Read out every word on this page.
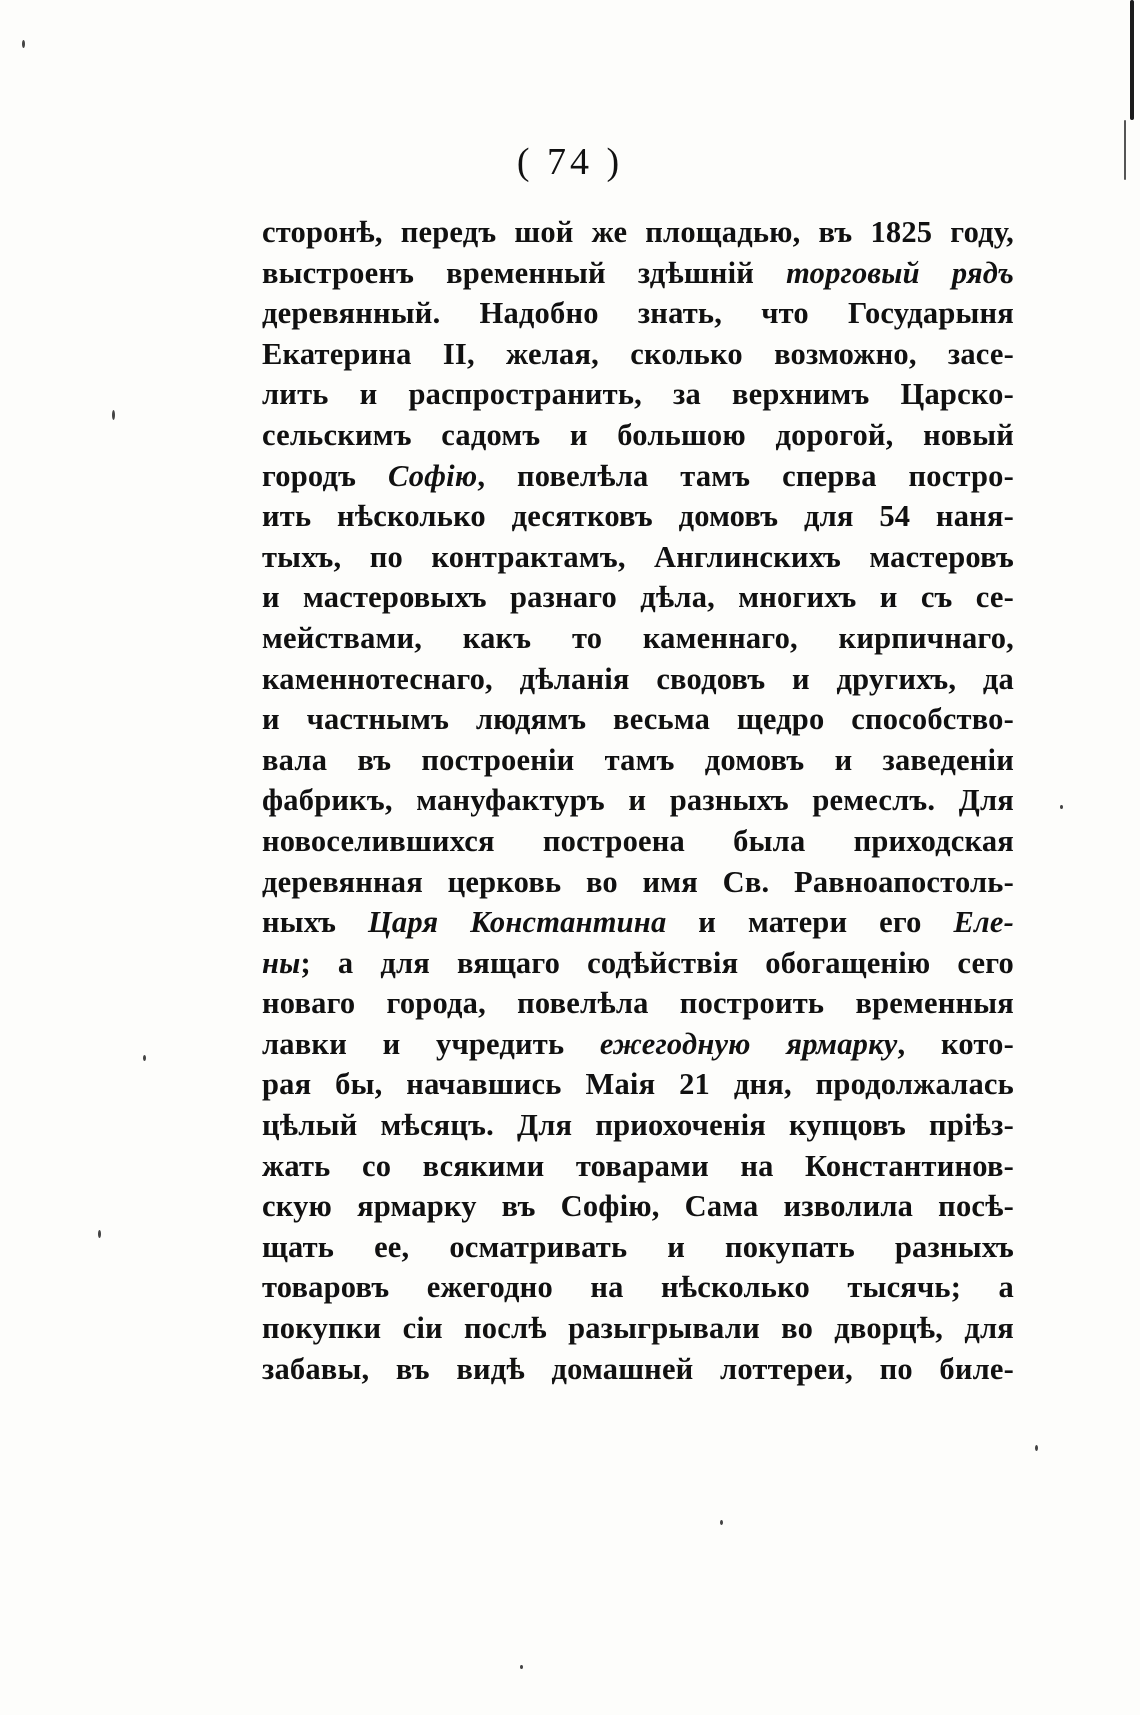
( 74 )
сторонѣ, передъ шой же площадью, въ 1825 году,
выстроенъ временный здѣшній торговый рядъ
деревянный. Надобно знать, что Государыня
Екатерина II, желая, сколько возможно, засе-
лить и распространить, за верхнимъ Царско-
сельскимъ садомъ и большою дорогой, новый
городъ Софію, повелѣла тамъ сперва постро-
ить нѣсколько десятковъ домовъ для 54 наня-
тыхъ, по контрактамъ, Англинскихъ мастеровъ
и мастеровыхъ разнаго дѣла, многихъ и съ се-
мействами, какъ то каменнаго, кирпичнаго,
каменнотеснаго, дѣланія сводовъ и другихъ, да
и частнымъ людямъ весьма щедро способство-
вала въ построеніи тамъ домовъ и заведеніи
фабрикъ, мануфактуръ и разныхъ ремеслъ. Для
новоселившихся построена была приходская
деревянная церковь во имя Св. Равноапостоль-
ныхъ Царя Константина и матери его Еле-
ны; а для вящаго содѣйствія обогащенію сего
новаго города, повелѣла построить временныя
лавки и учредить ежегодную ярмарку, кото-
рая бы, начавшись Маія 21 дня, продолжалась
цѣлый мѣсяцъ. Для приохоченія купцовъ пріѣз-
жать со всякими товарами на Константинов-
скую ярмарку въ Софію, Сама изволила посѣ-
щать ее, осматривать и покупать разныхъ
товаровъ ежегодно на нѣсколько тысячь; а
покупки сіи послѣ разыгрывали во дворцѣ, для
забавы, въ видѣ домашней лоттереи, по биле-
